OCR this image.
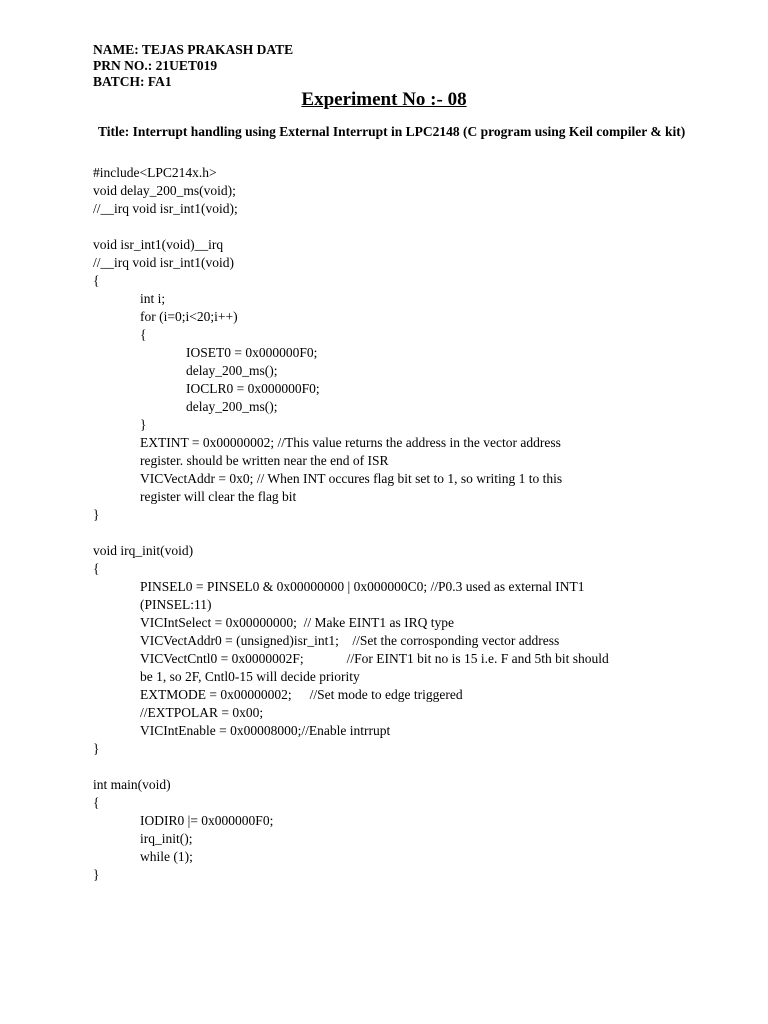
NAME: TEJAS PRAKASH DATE
PRN NO.: 21UET019
BATCH: FA1
Experiment No :- 08
Title: Interrupt handling using External Interrupt in LPC2148 (C program using Keil compiler & kit)
#include<LPC214x.h>
void delay_200_ms(void);
//__irq void isr_int1(void);
void isr_int1(void)__irq
//__irq void isr_int1(void)
{
int i;
for (i=0;i<20;i++)
{
IOSET0 = 0x000000F0;
delay_200_ms();
IOCLR0 = 0x000000F0;
delay_200_ms();
}
EXTINT = 0x00000002; //This value returns the address in the vector address
register. should be written near the end of ISR
VICVectAddr = 0x0; // When INT occures flag bit set to 1, so writing 1 to this
register will clear the flag bit
}
void irq_init(void)
{
PINSEL0 = PINSEL0 & 0x00000000 | 0x000000C0; //P0.3 used as external INT1
(PINSEL:11)
VICIntSelect = 0x00000000;  // Make EINT1 as IRQ type
VICVectAddr0 = (unsigned)isr_int1;    //Set the corrosponding vector address
VICVectCntl0 = 0x0000002F;	//For EINT1 bit no is 15 i.e. F and 5th bit should
be 1, so 2F, Cntl0-15 will decide priority
EXTMODE = 0x00000002; //Set mode to edge triggered
//EXTPOLAR = 0x00;
VICIntEnable = 0x00008000;//Enable intrrupt
}
int main(void)
{
IODIR0 |= 0x000000F0;
irq_init();
while (1);
}
